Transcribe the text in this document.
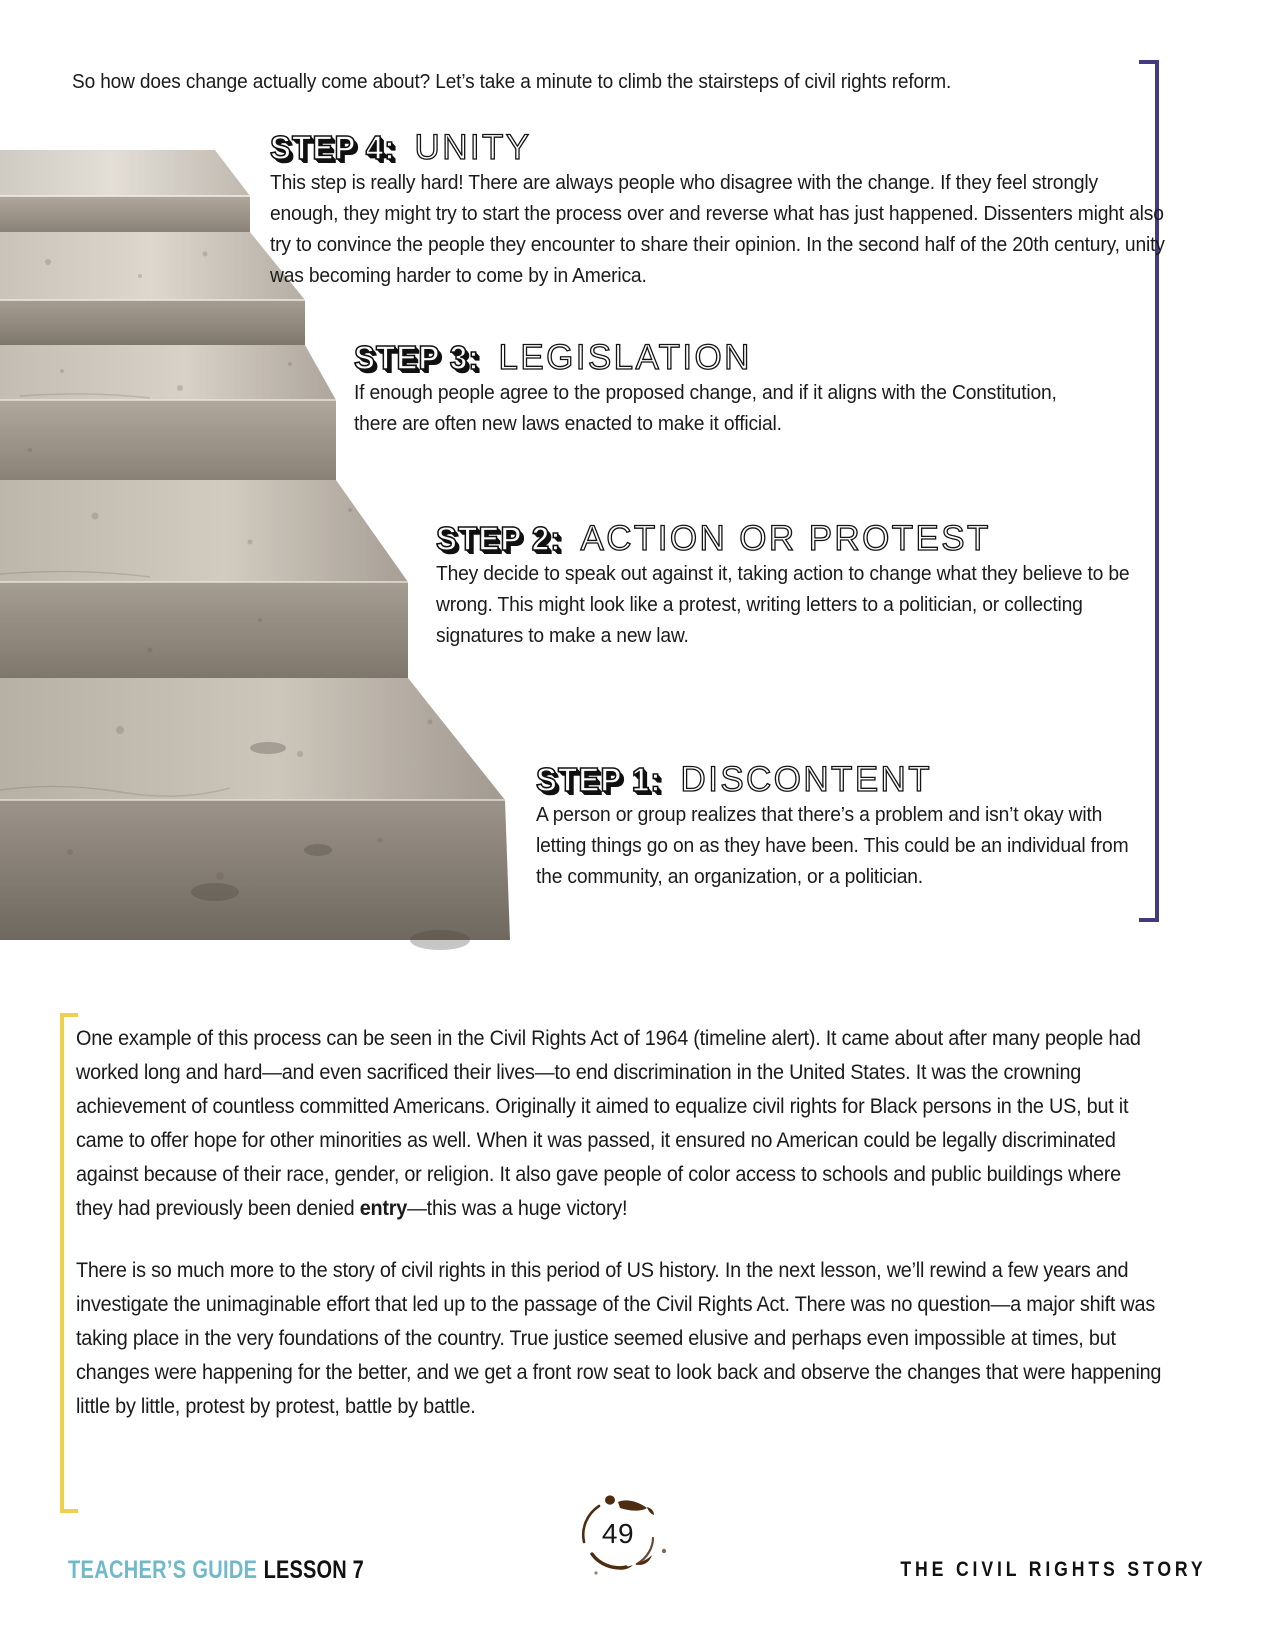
So how does change actually come about? Let’s take a minute to climb the stairsteps of civil rights reform.
STEP 4: UNITY
This step is really hard! There are always people who disagree with the change. If they feel strongly enough, they might try to start the process over and reverse what has just happened. Dissenters might also try to convince the people they encounter to share their opinion. In the second half of the 20th century, unity was becoming harder to come by in America.
STEP 3: LEGISLATION
If enough people agree to the proposed change, and if it aligns with the Constitution, there are often new laws enacted to make it official.
STEP 2: ACTION OR PROTEST
They decide to speak out against it, taking action to change what they believe to be wrong. This might look like a protest, writing letters to a politician, or collecting signatures to make a new law.
STEP 1: DISCONTENT
A person or group realizes that there’s a problem and isn’t okay with letting things go on as they have been. This could be an individual from the community, an organization, or a politician.

One example of this process can be seen in the Civil Rights Act of 1964 (timeline alert). It came about after many people had worked long and hard—and even sacrificed their lives—to end discrimination in the United States. It was the crowning achievement of countless committed Americans. Originally it aimed to equalize civil rights for Black persons in the US, but it came to offer hope for other minorities as well. When it was passed, it ensured no American could be legally discriminated against because of their race, gender, or religion. It also gave people of color access to schools and public buildings where they had previously been denied entry—this was a huge victory!

There is so much more to the story of civil rights in this period of US history. In the next lesson, we’ll rewind a few years and investigate the unimaginable effort that led up to the passage of the Civil Rights Act. There was no question—a major shift was taking place in the very foundations of the country. True justice seemed elusive and perhaps even impossible at times, but changes were happening for the better, and we get a front row seat to look back and observe the changes that were happening little by little, protest by protest, battle by battle.

49
TEACHER’S GUIDE LESSON 7	THE CIVIL RIGHTS STORY
